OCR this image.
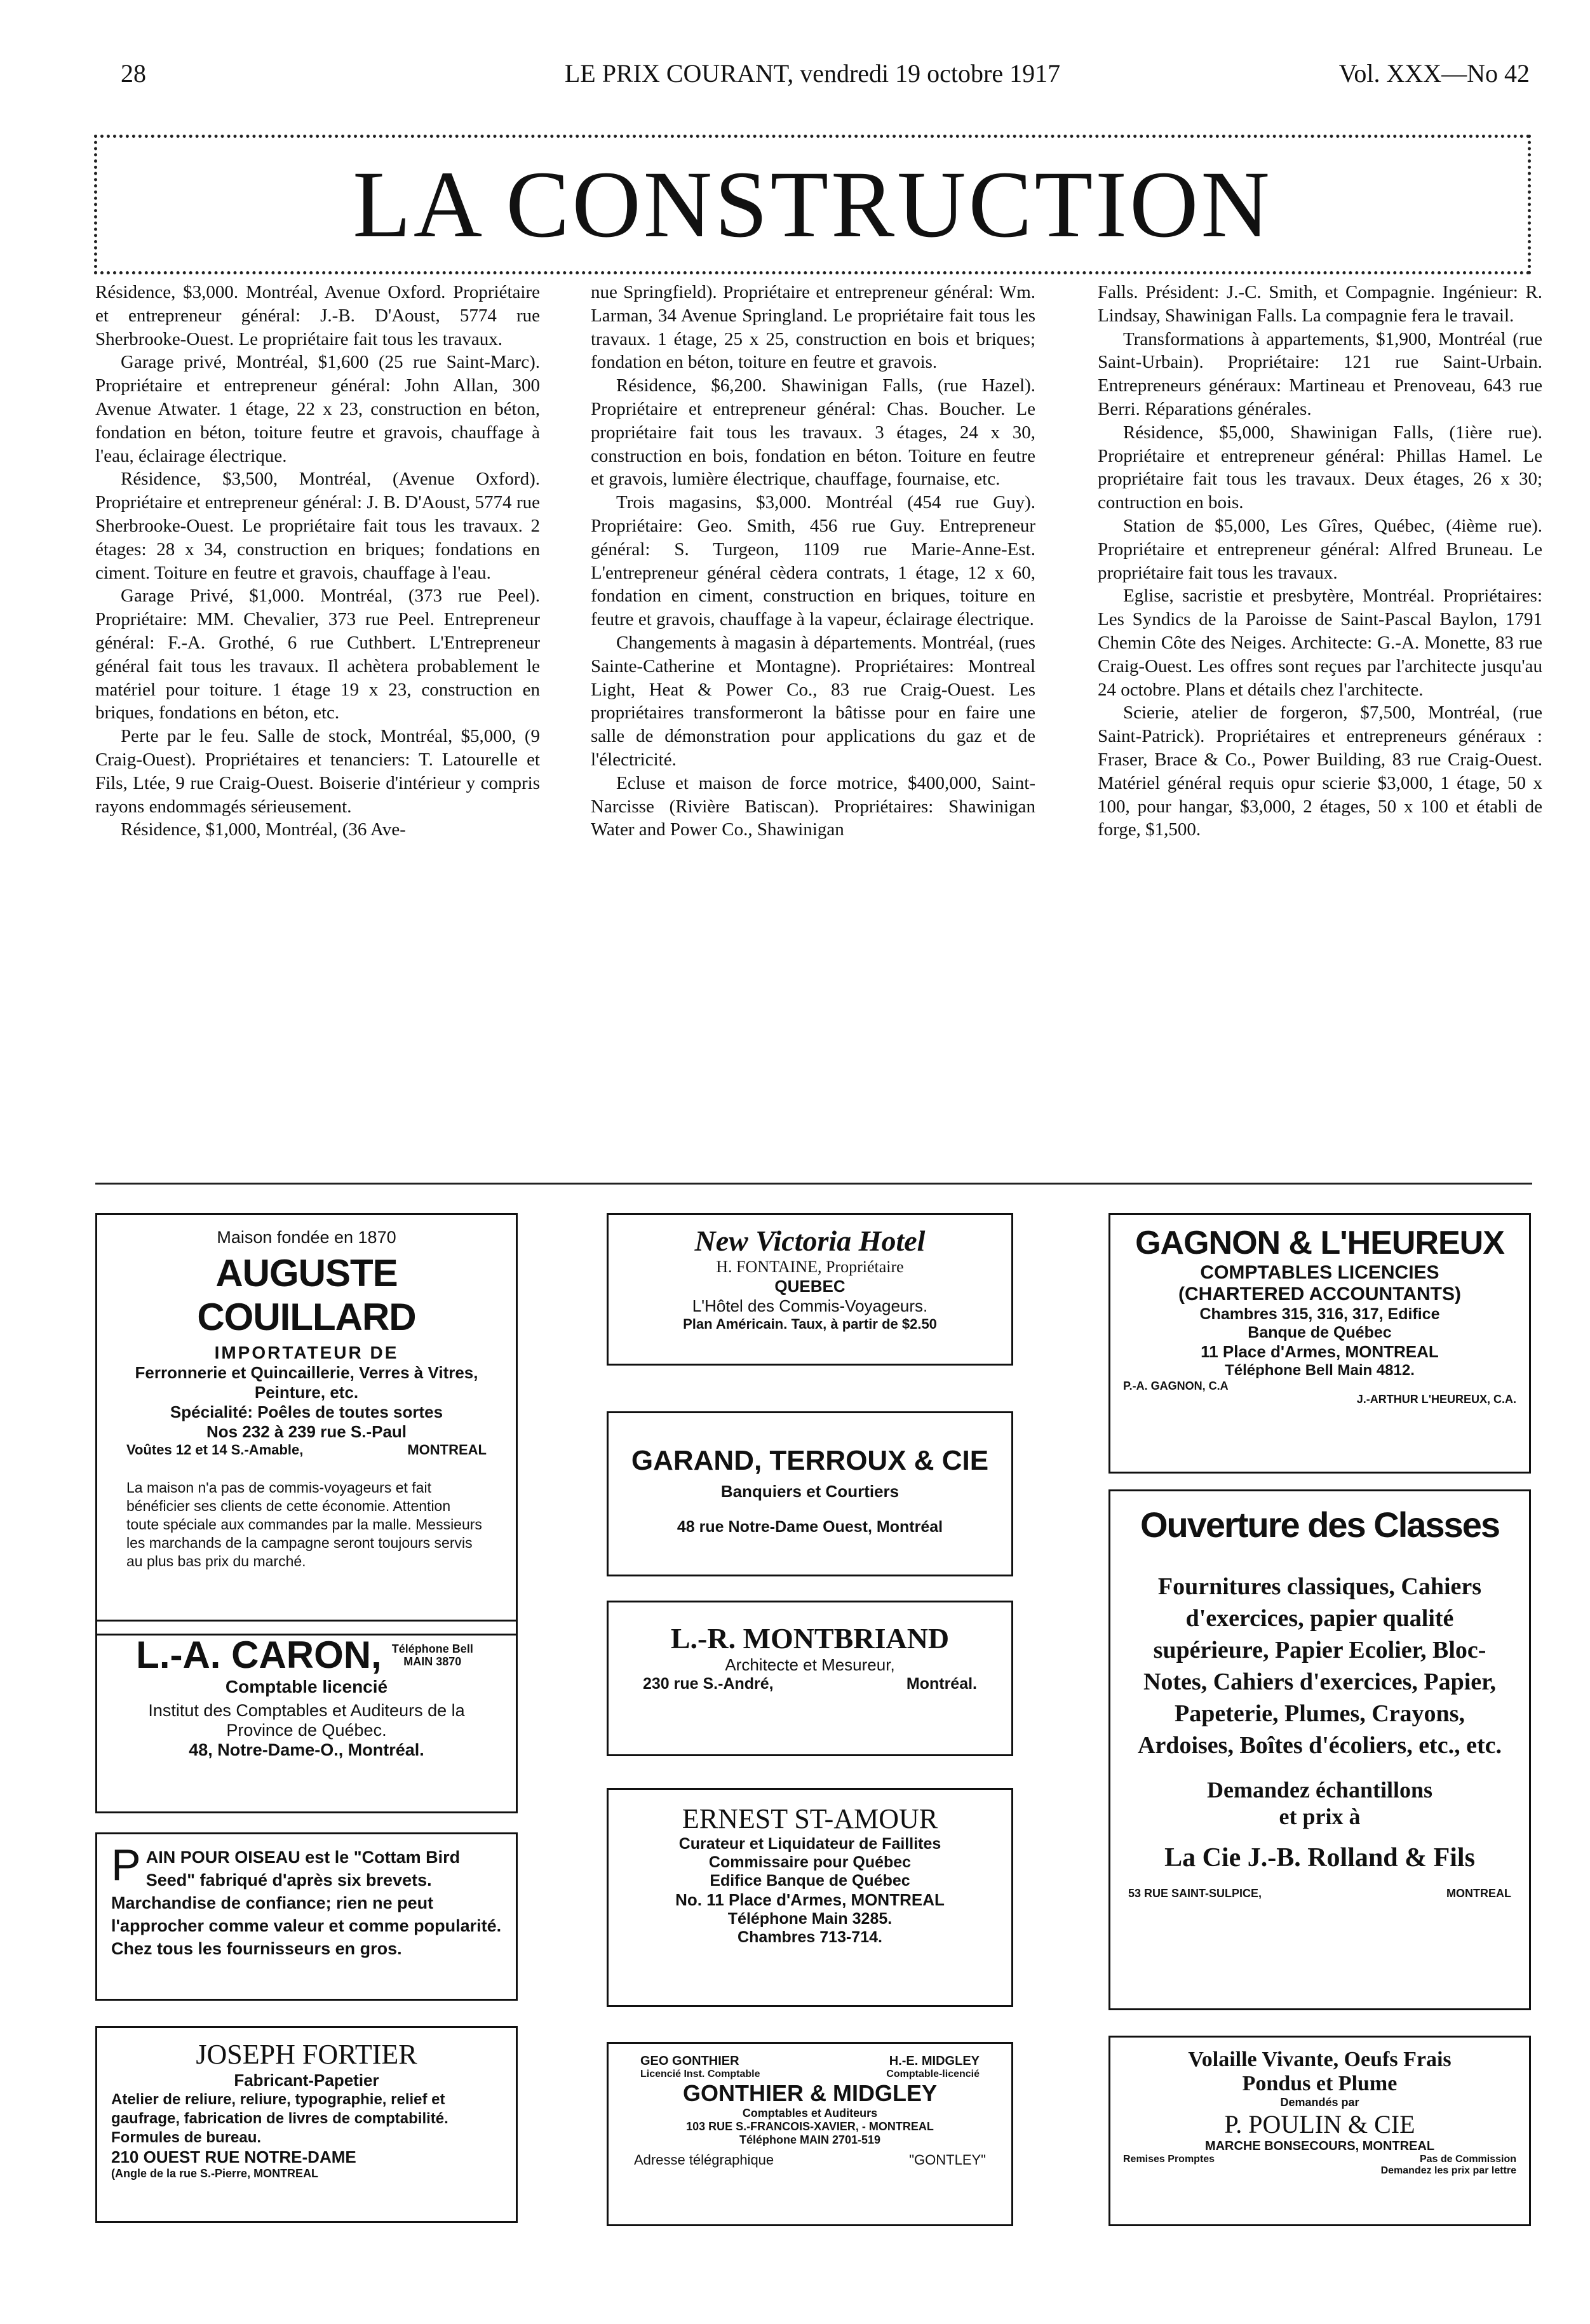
28	LE PRIX COURANT, vendredi 19 octobre 1917	Vol. XXX—No 42
LA CONSTRUCTION

Résidence, $3,000. Montréal, Avenue Oxford. Propriétaire et entrepreneur général: J.-B. D'Aoust, 5774 rue Sherbrooke-Ouest. Le propriétaire fait tous les travaux.

Garage privé, Montréal, $1,600 (25 rue Saint-Marc). Propriétaire et entrepreneur général: John Allan, 300 Avenue Atwater. 1 étage, 22 x 23, construction en béton, fondation en béton, toiture feutre et gravois, chauffage à l'eau, éclairage électrique.

Résidence, $3,500, Montréal, (Avenue Oxford). Propriétaire et entrepreneur général: J. B. D'Aoust, 5774 rue Sherbrooke-Ouest. Le propriétaire fait tous les travaux. 2 étages: 28 x 34, construction en briques; fondations en ciment. Toiture en feutre et gravois, chauffage à l'eau.

Garage Privé, $1,000. Montréal, (373 rue Peel). Propriétaire: MM. Chevalier, 373 rue Peel. Entrepreneur général: F.-A. Grothé, 6 rue Cuthbert. L'Entrepreneur général fait tous les travaux. Il achètera probablement le matériel pour toiture. 1 étage 19 x 23, construction en briques, fondations en béton, etc.

Perte par le feu. Salle de stock, Montréal, $5,000, (9 Craig-Ouest). Propriétaires et tenanciers: T. Latourelle et Fils, Ltée, 9 rue Craig-Ouest. Boiserie d'intérieur y compris rayons endommagés sérieusement.

Résidence, $1,000, Montréal, (36 Ave-

nue Springfield). Propriétaire et entrepreneur général: Wm. Larman, 34 Avenue Springland. Le propriétaire fait tous les travaux. 1 étage, 25 x 25, construction en bois et briques; fondation en béton, toiture en feutre et gravois.

Résidence, $6,200. Shawinigan Falls, (rue Hazel). Propriétaire et entrepreneur général: Chas. Boucher. Le propriétaire fait tous les travaux. 3 étages, 24 x 30, construction en bois, fondation en béton. Toiture en feutre et gravois, lumière électrique, chauffage, fournaise, etc.

Trois magasins, $3,000. Montréal (454 rue Guy). Propriétaire: Geo. Smith, 456 rue Guy. Entrepreneur général: S. Turgeon, 1109 rue Marie-Anne-Est. L'entrepreneur général cèdera contrats, 1 étage, 12 x 60, fondation en ciment, construction en briques, toiture en feutre et gravois, chauffage à la vapeur, éclairage électrique.

Changements à magasin à départements. Montréal, (rues Sainte-Catherine et Montagne). Propriétaires: Montreal Light, Heat & Power Co., 83 rue Craig-Ouest. Les propriétaires transformeront la bâtisse pour en faire une salle de démonstration pour applications du gaz et de l'électricité.

Ecluse et maison de force motrice, $400,000, Saint-Narcisse (Rivière Batiscan). Propriétaires: Shawinigan Water and Power Co., Shawinigan

Falls. Président: J.-C. Smith, et Compagnie. Ingénieur: R. Lindsay, Shawinigan Falls. La compagnie fera le travail.

Transformations à appartements, $1,900, Montréal (rue Saint-Urbain). Propriétaire: 121 rue Saint-Urbain. Entrepreneurs généraux: Martineau et Prenoveau, 643 rue Berri. Réparations générales.

Résidence, $5,000, Shawinigan Falls, (1ière rue). Propriétaire et entrepreneur général: Phillas Hamel. Le propriétaire fait tous les travaux. Deux étages, 26 x 30; contruction en bois.

Station de $5,000, Les Gîres, Québec, (4ième rue). Propriétaire et entrepreneur général: Alfred Bruneau. Le propriétaire fait tous les travaux.

Eglise, sacristie et presbytère, Montréal. Propriétaires: Les Syndics de la Paroisse de Saint-Pascal Baylon, 1791 Chemin Côte des Neiges. Architecte: G.-A. Monette, 83 rue Craig-Ouest. Les offres sont reçues par l'architecte jusqu'au 24 octobre. Plans et détails chez l'architecte.

Scierie, atelier de forgeron, $7,500, Montréal, (rue Saint-Patrick). Propriétaires et entrepreneurs généraux : Fraser, Brace & Co., Power Building, 83 rue Craig-Ouest. Matériel général requis opur scierie $3,000, 1 étage, 50 x 100, pour hangar, $3,000, 2 étages, 50 x 100 et établi de forge, $1,500.

Maison fondée en 1870
AUGUSTE COUILLARD
IMPORTATEUR DE
Ferronnerie et Quincaillerie, Verres à Vitres, Peinture, etc.
Spécialité: Poêles de toutes sortes
Nos 232 à 239 rue S.-Paul
Voûtes 12 et 14 S.-Amable,	MONTREAL
La maison n'a pas de commis-voyageurs et fait bénéficier ses clients de cette économie. Attention toute spéciale aux commandes par la malle. Messieurs les marchands de la campagne seront toujours servis au plus bas prix du marché.
L.-A. CARON, Téléphone Bell MAIN 3870
Comptable licencié
Institut des Comptables et Auditeurs de la Province de Québec.
48, Notre-Dame-O., Montréal.
P AIN POUR OISEAU est le "Cottam Bird Seed" fabriqué d'après six brevets. Marchandise de confiance; rien ne peut l'approcher comme valeur et comme popularité. Chez tous les fournisseurs en gros.
JOSEPH FORTIER
Fabricant-Papetier
Atelier de reliure, reliure, typographie, relief et gaufrage, fabrication de livres de comptabilité. Formules de bureau.
210 OUEST RUE NOTRE-DAME
(Angle de la rue S.-Pierre, MONTREAL
New Victoria Hotel
H. FONTAINE, Propriétaire
QUEBEC
L'Hôtel des Commis-Voyageurs.
Plan Américain. Taux, à partir de $2.50
GARAND, TERROUX & CIE
Banquiers et Courtiers
48 rue Notre-Dame Ouest, Montréal
L.-R. MONTBRIAND
Architecte et Mesureur,
230 rue S.-André,	Montréal.
ERNEST ST-AMOUR
Curateur et Liquidateur de Faillites
Commissaire pour Québec
Edifice Banque de Québec
No. 11 Place d'Armes, MONTREAL
Téléphone Main 3285.
Chambres 713-714.
GEO GONTHIER	H.-E. MIDGLEY
Licencié Inst. Comptable	Comptable-licencié
GONTHIER & MIDGLEY
Comptables et Auditeurs
103 RUE S.-FRANCOIS-XAVIER, - MONTREAL
Téléphone MAIN 2701-519
Adresse télégraphique	"GONTLEY"
GAGNON & L'HEUREUX
COMPTABLES LICENCIES
(CHARTERED ACCOUNTANTS)
Chambres 315, 316, 317, Edifice
Banque de Québec
11 Place d'Armes, MONTREAL
Téléphone Bell Main 4812.
P.-A. GAGNON, C.A
J.-ARTHUR L'HEUREUX, C.A.
Ouverture des Classes
Fournitures classiques, Cahiers d'exercices, papier qualité supérieure, Papier Ecolier, Bloc-Notes, Cahiers d'exercices, Papier, Papeterie, Plumes, Crayons, Ardoises, Boîtes d'écoliers, etc., etc.
Demandez échantillons
et prix à
La Cie J.-B. Rolland & Fils
53 RUE SAINT-SULPICE,	MONTREAL
Volaille Vivante, Oeufs Frais
Pondus et Plume
Demandés par
P. POULIN & CIE
MARCHE BONSECOURS, MONTREAL
Remises Promptes	Pas de Commission
Demandez les prix par lettre
